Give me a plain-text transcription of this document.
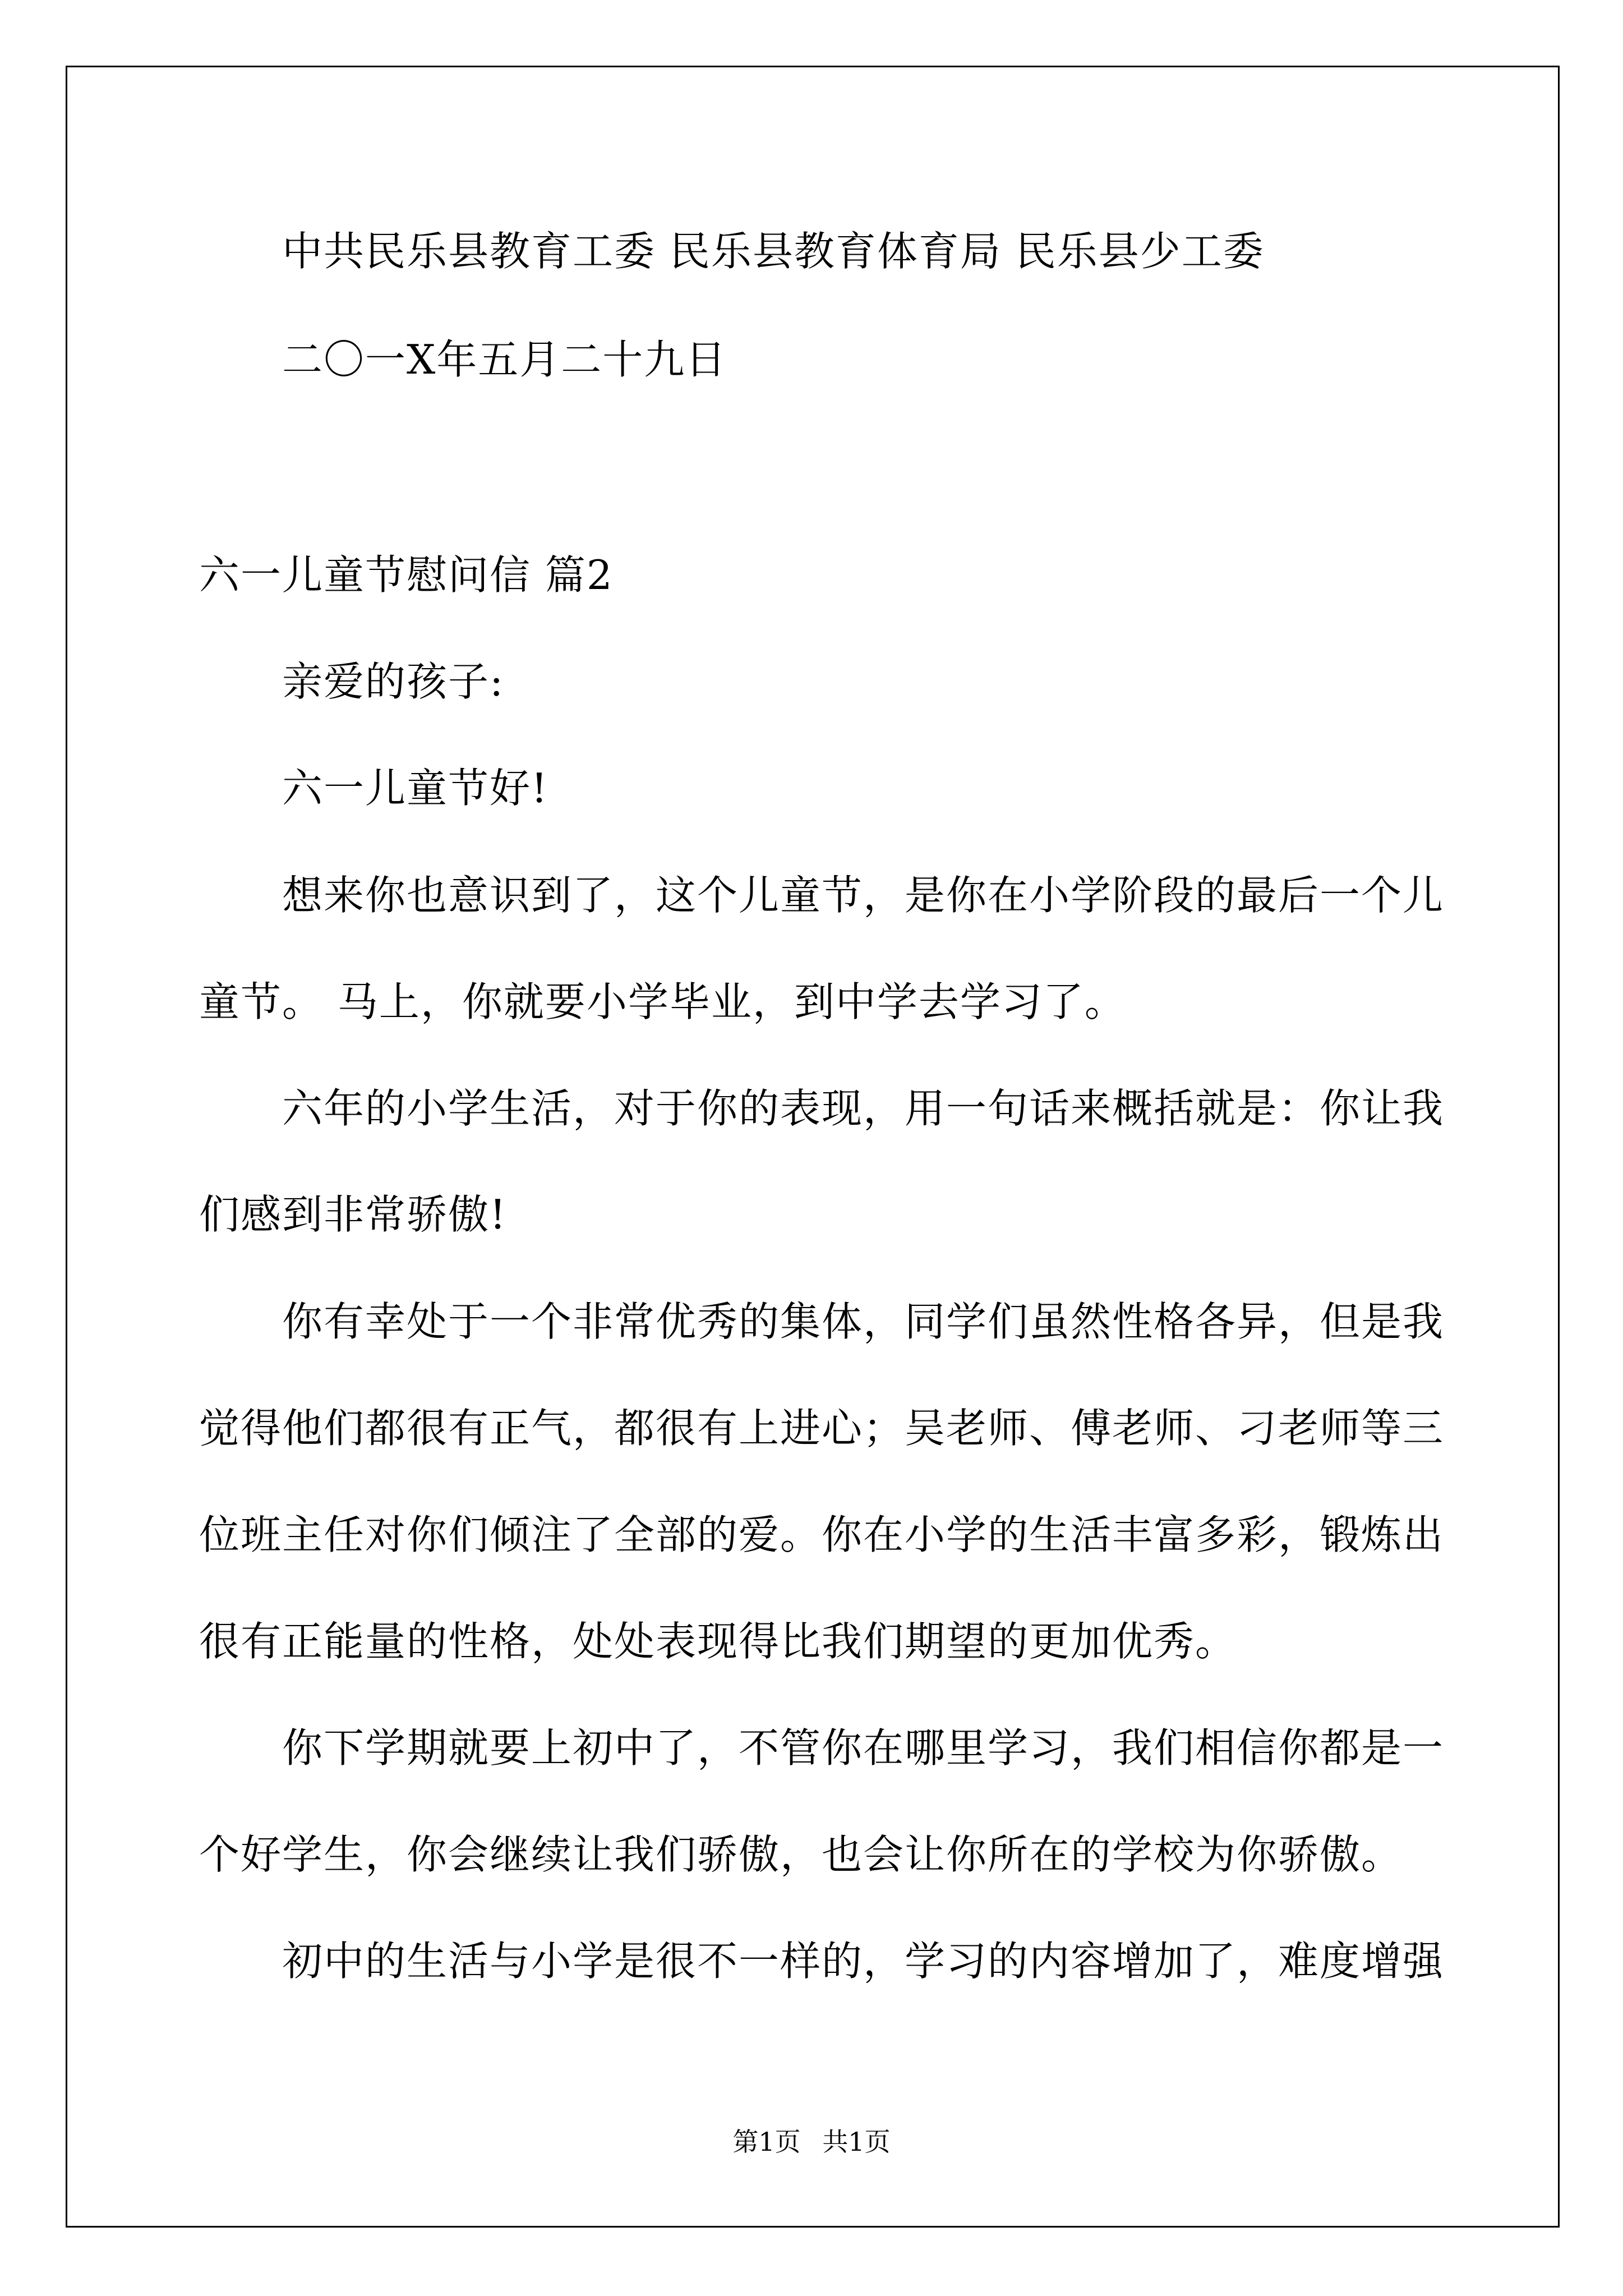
中共民乐县教育工委 民乐县教育体育局 民乐县少工委
二〇一X年五月二十九日
六一儿童节慰问信 篇2
亲爱的孩子:
六一儿童节好!
想来你也意识到了，这个儿童节，是你在小学阶段的最后一个儿
童节。 马上，你就要小学毕业，到中学去学习了。
六年的小学生活，对于你的表现，用一句话来概括就是：你让我
们感到非常骄傲!
你有幸处于一个非常优秀的集体，同学们虽然性格各异，但是我
觉得他们都很有正气，都很有上进心；吴老师、傅老师、刁老师等三
位班主任对你们倾注了全部的爱。你在小学的生活丰富多彩，锻炼出
很有正能量的性格，处处表现得比我们期望的更加优秀。
你下学期就要上初中了，不管你在哪里学习，我们相信你都是一
个好学生，你会继续让我们骄傲，也会让你所在的学校为你骄傲。
初中的生活与小学是很不一样的，学习的内容增加了，难度增强
第1页 共1页
